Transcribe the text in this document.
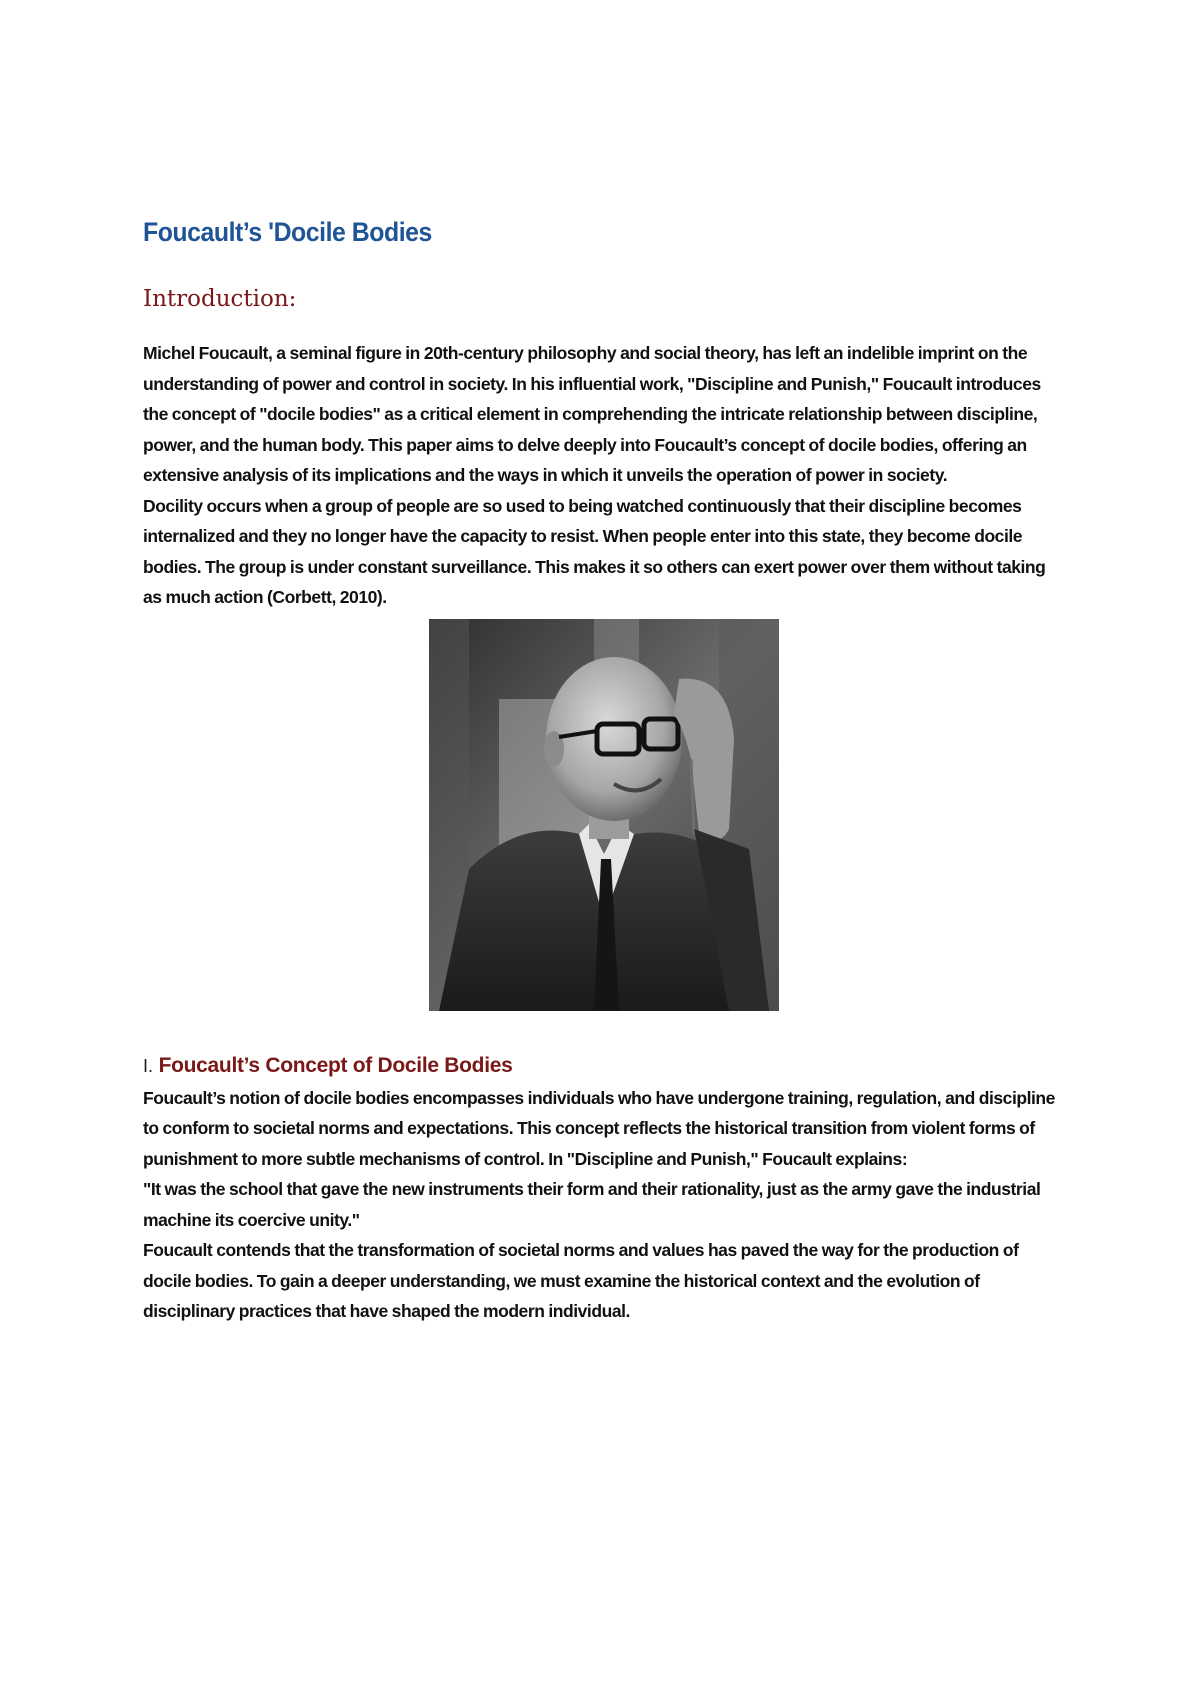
Foucault’s 'Docile Bodies
Introduction:

Michel Foucault, a seminal figure in 20th-century philosophy and social theory, has left an indelible imprint on the understanding of power and control in society. In his influential work, "Discipline and Punish," Foucault introduces the concept of "docile bodies" as a critical element in comprehending the intricate relationship between discipline, power, and the human body. This paper aims to delve deeply into Foucault’s concept of docile bodies, offering an extensive analysis of its implications and the ways in which it unveils the operation of power in society.

Docility occurs when a group of people are so used to being watched continuously that their discipline becomes internalized and they no longer have the capacity to resist. When people enter into this state, they become docile bodies. The group is under constant surveillance. This makes it so others can exert power over them without taking as much action (Corbett, 2010).

I. Foucault’s Concept of Docile Bodies

Foucault’s notion of docile bodies encompasses individuals who have undergone training, regulation, and discipline to conform to societal norms and expectations. This concept reflects the historical transition from violent forms of punishment to more subtle mechanisms of control. In "Discipline and Punish," Foucault explains:

"It was the school that gave the new instruments their form and their rationality, just as the army gave the industrial machine its coercive unity."

Foucault contends that the transformation of societal norms and values has paved the way for the production of docile bodies. To gain a deeper understanding, we must examine the historical context and the evolution of disciplinary practices that have shaped the modern individual.
